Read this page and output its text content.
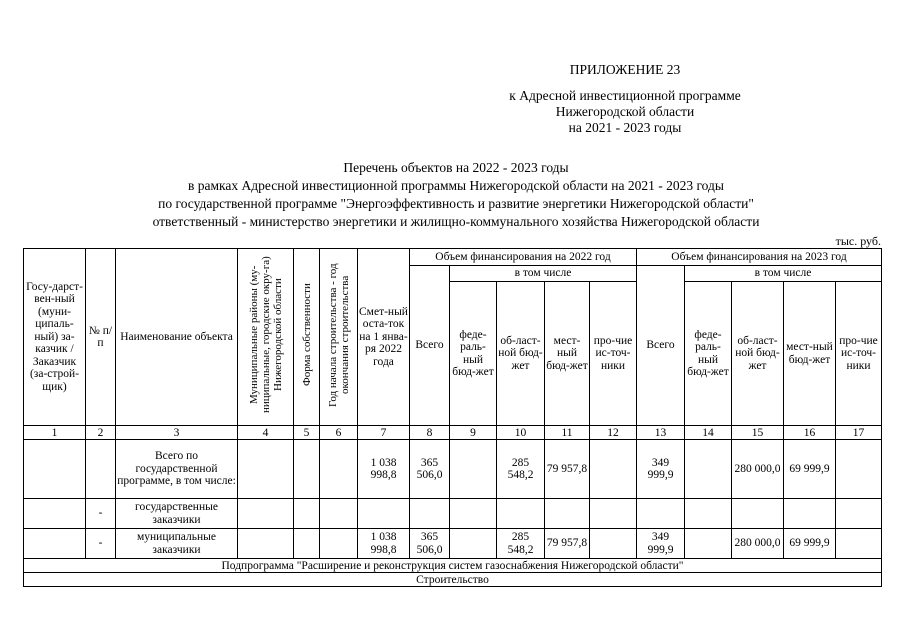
ПРИЛОЖЕНИЕ 23
к Адресной инвестиционной программе
Нижегородской области
на 2021 - 2023 годы
Перечень объектов на 2022 - 2023 годы
в рамках Адресной инвестиционной программы Нижегородской области на 2021 - 2023 годы
по государственной программе "Энергоэффективность и развитие энергетики Нижегородской области"
ответственный - министерство энергетики и жилищно-коммунального хозяйства Нижегородской области
тыс. руб.
Госу-дарст-вен-ный (муни-ципаль-ный) за-казчик / Заказчик (за-строй-щик)	№ п/п	Наименование объекта	Муниципальные районы (му-ниципальные, городские окру-га) Нижегородской области	Форма собственности	Год начала строительства - год окончания строительства	Смет-ный оста-ток на 1 янва-ря 2022 года	Объем финансирования на 2022 год					Объем финансирования на 2023 год				
							Всего	в том числе				Всего	в том числе			
								феде-раль-ный бюд-жет	об-ласт-ной бюд-жет	мест-ный бюд-жет	про-чие ис-точ-ники		феде-раль-ный бюд-жет	об-ласт-ной бюд-жет	мест-ный бюд-жет	про-чие ис-точ-ники
1	2	3	4	5	6	7	8	9	10	11	12	13	14	15	16	17
		Всего по государственной программе, в том числе:				1 038 998,8	365 506,0		285 548,2	79 957,8		349 999,9		280 000,0	69 999,9	
	-	государственные заказчики														
	-	муниципальные заказчики				1 038 998,8	365 506,0		285 548,2	79 957,8		349 999,9		280 000,0	69 999,9	
Подпрограмма "Расширение и реконструкция систем газоснабжения Нижегородской области"																
Строительство																
